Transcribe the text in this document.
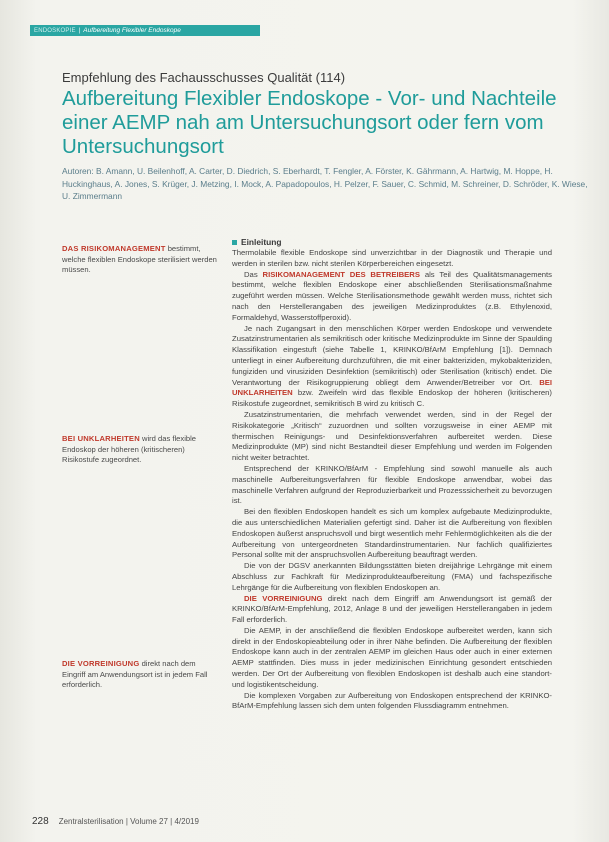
ENDOSKOPIE | Aufbereitung Flexibler Endoskope
Empfehlung des Fachausschusses Qualität (114)
Aufbereitung Flexibler Endoskope - Vor- und Nachteile einer AEMP nah am Untersuchungsort oder fern vom Untersuchungsort
Autoren: B. Amann, U. Beilenhoff, A. Carter, D. Diedrich, S. Eberhardt, T. Fengler, A. Förster, K. Gährmann, A. Hartwig, M. Hoppe, H. Huckinghaus, A. Jones, S. Krüger, J. Metzing, I. Mock, A. Papadopoulos, H. Pelzer, F. Sauer, C. Schmid, M. Schreiner, D. Schröder, K. Wiese, U. Zimmermann
Einleitung

Thermolabile flexible Endoskope sind unverzichtbar in der Diagnostik und Therapie und werden in sterilen bzw. nicht sterilen Körperbereichen eingesetzt.

Das RISIKOMANAGEMENT DES BETREIBERS als Teil des Qualitätsmanagements bestimmt, welche flexiblen Endoskope einer abschließenden Sterilisationsmaßnahme zugeführt werden müssen. Welche Sterilisationsmethode gewählt werden muss, richtet sich nach den Herstellerangaben des jeweiligen Medizinproduktes (z.B. Ethylenoxid, Formaldehyd, Wasserstoffperoxid).

Je nach Zugangsart in den menschlichen Körper werden Endoskope und verwendete Zusatzinstrumentarien als semikritisch oder kritische Medizinprodukte im Sinne der Spaulding Klassifikation eingestuft (siehe Tabelle 1, KRINKO/BfArM Empfehlung [1]). Demnach unterliegt in einer Aufbereitung durchzuführen, die mit einer bakteriziden, mykobakteriziden, fungiziden und virusiziden Desinfektion (semikritisch) oder Sterilisation (kritisch) endet. Die Verantwortung der Risikogruppierung obliegt dem Anwender/Betreiber vor Ort. BEI UNKLARHEITEN bzw. Zweifeln wird das flexible Endoskop der höheren (kritischeren) Risikostufe zugeordnet, semikritisch B wird zu kritisch C.

Zusatzinstrumentarien, die mehrfach verwendet werden, sind in der Regel der Risikokategorie „Kritisch“ zuzuordnen und sollten vorzugsweise in einer AEMP mit thermischen Reinigungs- und Desinfektionsverfahren aufbereitet werden. Diese Medizinprodukte (MP) sind nicht Bestandteil dieser Empfehlung und werden im Folgenden nicht weiter betrachtet.

Entsprechend der KRINKO/BfArM - Empfehlung sind sowohl manuelle als auch maschinelle Aufbereitungsverfahren für flexible Endoskope anwendbar, wobei das maschinelle Verfahren aufgrund der Reproduzierbarkeit und Prozesssicherheit zu bevorzugen ist.

Bei den flexiblen Endoskopen handelt es sich um komplex aufgebaute Medizinprodukte, die aus unterschiedlichen Materialien gefertigt sind. Daher ist die Aufbereitung von flexiblen Endoskopen äußerst anspruchsvoll und birgt wesentlich mehr Fehlermöglichkeiten als die der Aufbereitung von untergeordneten Standardinstrumentarien. Nur fachlich qualifiziertes Personal sollte mit der anspruchsvollen Aufbereitung beauftragt werden.

Die von der DGSV anerkannten Bildungsstätten bieten dreijährige Lehrgänge mit einem Abschluss zur Fachkraft für Medizinprodukteaufbereitung (FMA) und fachspezifische Lehrgänge für die Aufbereitung von flexiblen Endoskopen an.

DIE VORREINIGUNG direkt nach dem Eingriff am Anwendungsort ist gemäß der KRINKO/BfArM-Empfehlung, 2012, Anlage 8 und der jeweiligen Herstellerangaben in jedem Fall erforderlich.

Die AEMP, in der anschließend die flexiblen Endoskope aufbereitet werden, kann sich direkt in der Endoskopieabteilung oder in ihrer Nähe befinden. Die Aufbereitung der flexiblen Endoskope kann auch in der zentralen AEMP im gleichen Haus oder auch in einer externen AEMP stattfinden. Dies muss in jeder medizinischen Einrichtung gesondert entschieden werden. Der Ort der Aufbereitung von flexiblen Endoskopen ist deshalb auch eine standort- und logistikentscheidung.

Die komplexen Vorgaben zur Aufbereitung von Endoskopen entsprechend der KRINKO-BfArM-Empfehlung lassen sich dem unten folgenden Flussdiagramm entnehmen.

DAS RISIKOMANAGEMENT bestimmt, welche flexiblen Endoskope sterilisiert werden müssen.
BEI UNKLARHEITEN wird das flexible Endoskop der höheren (kritischeren) Risikostufe zugeordnet.
DIE VORREINIGUNG direkt nach dem Eingriff am Anwendungsort ist in jedem Fall erforderlich.
228 Zentralsterilisation | Volume 27 | 4/2019
